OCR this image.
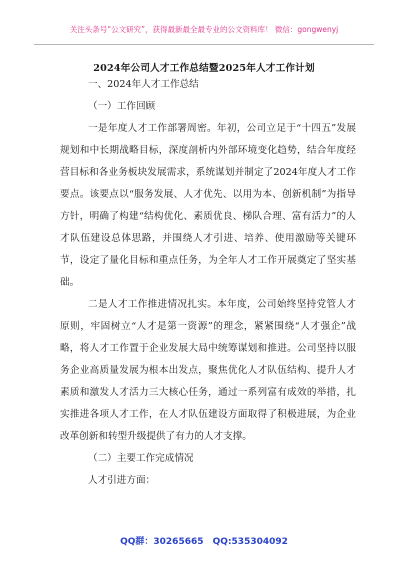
关注头条号“公文研究”，获得最新最全最专业的公文资料库！ 微信：gongwenyj
2024年公司人才工作总结暨2025年人才工作计划

一、2024年人才工作总结

（一）工作回顾

一是年度人才工作部署周密。年初，公司立足于“十四五”发展规划和中长期战略目标，深度剖析内外部环境变化趋势，结合年度经营目标和各业务板块发展需求，系统谋划并制定了2024年度人才工作要点。该要点以“服务发展、人才优先、以用为本、创新机制”为指导方针，明确了构建“结构优化、素质优良、梯队合理、富有活力”的人才队伍建设总体思路，并围绕人才引进、培养、使用激励等关键环节，设定了量化目标和重点任务，为全年人才工作开展奠定了坚实基础。

二是人才工作推进情况扎实。本年度，公司始终坚持党管人才原则，牢固树立“人才是第一资源”的理念，紧紧围绕“人才强企”战略，将人才工作置于企业发展大局中统筹谋划和推进。公司坚持以服务企业高质量发展为根本出发点，聚焦优化人才队伍结构、提升人才素质和激发人才活力三大核心任务，通过一系列富有成效的举措，扎实推进各项人才工作，在人才队伍建设方面取得了积极进展，为企业改革创新和转型升级提供了有力的人才支撑。

（二）主要工作完成情况

人才引进方面：

QQ群：30265665 QQ:535304092
